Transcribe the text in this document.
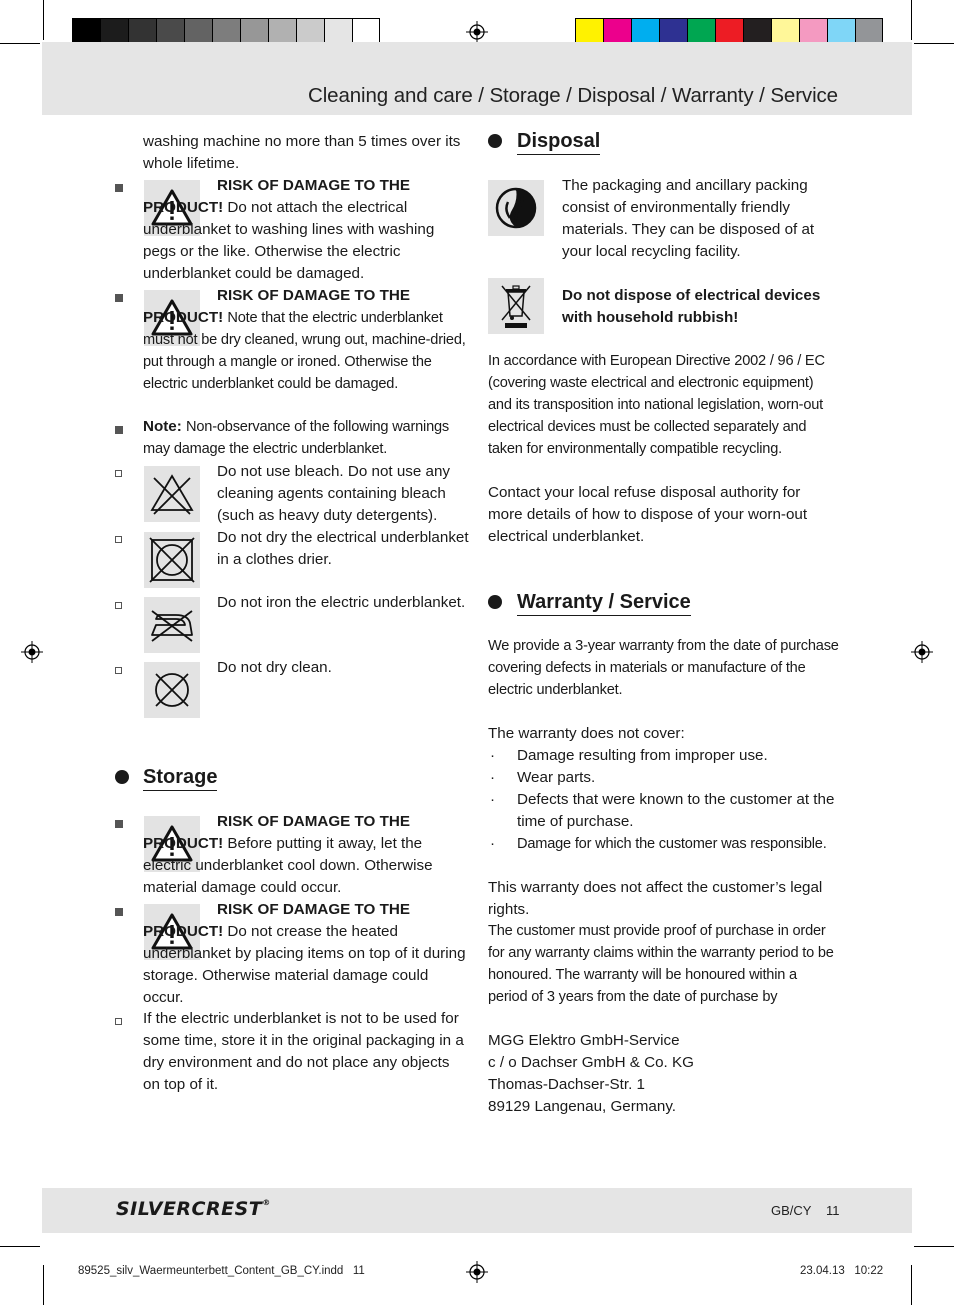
Cleaning and care / Storage / Disposal / Warranty / Service
washing machine no more than 5 times over its whole lifetime.
RISK OF DAMAGE TO THE PRODUCT! Do not attach the electrical underblanket to washing lines with washing pegs or the like. Otherwise the electric underblanket could be damaged.
RISK OF DAMAGE TO THE PRODUCT! Note that the electric underblanket must not be dry cleaned, wrung out, machine-dried, put through a mangle or ironed. Otherwise the electric underblanket could be damaged.
Note: Non-observance of the following warnings may damage the electric underblanket.
Do not use bleach. Do not use any cleaning agents containing bleach (such as heavy duty detergents).
Do not dry the electrical underblanket in a clothes drier.
Do not iron the electric underblanket.
Do not dry clean.
Storage
RISK OF DAMAGE TO THE PRODUCT! Before putting it away, let the electric underblanket cool down. Otherwise material damage could occur.
RISK OF DAMAGE TO THE PRODUCT! Do not crease the heated underblanket by placing items on top of it during storage. Otherwise material damage could occur.
If the electric underblanket is not to be used for some time, store it in the original packaging in a dry environment and do not place any objects on top of it.
Disposal
The packaging and ancillary packing consist of environmentally friendly materials. They can be disposed of at your local recycling facility.
Do not dispose of electrical devices with household rubbish!
In accordance with European Directive 2002 / 96 / EC (covering waste electrical and electronic equipment) and its transposition into national legislation, worn-out electrical devices must be collected separately and taken for environmentally compatible recycling.
Contact your local refuse disposal authority for more details of how to dispose of your worn-out electrical underblanket.
Warranty / Service
We provide a 3-year warranty from the date of purchase covering defects in materials or manufacture of the electric underblanket.
The warranty does not cover:
· Damage resulting from improper use.
· Wear parts.
· Defects that were known to the customer at the time of purchase.
· Damage for which the customer was responsible.
This warranty does not affect the customer’s legal rights.
The customer must provide proof of purchase in order for any warranty claims within the warranty period to be honoured. The warranty will be honoured within a period of 3 years from the date of purchase by
MGG Elektro GmbH-Service
c / o Dachser GmbH & Co. KG
Thomas-Dachser-Str. 1
89129 Langenau, Germany.
SILVERCREST®
GB/CY 11
89525_silv_Waermeunterbett_Content_GB_CY.indd   11	23.04.13   10:22
